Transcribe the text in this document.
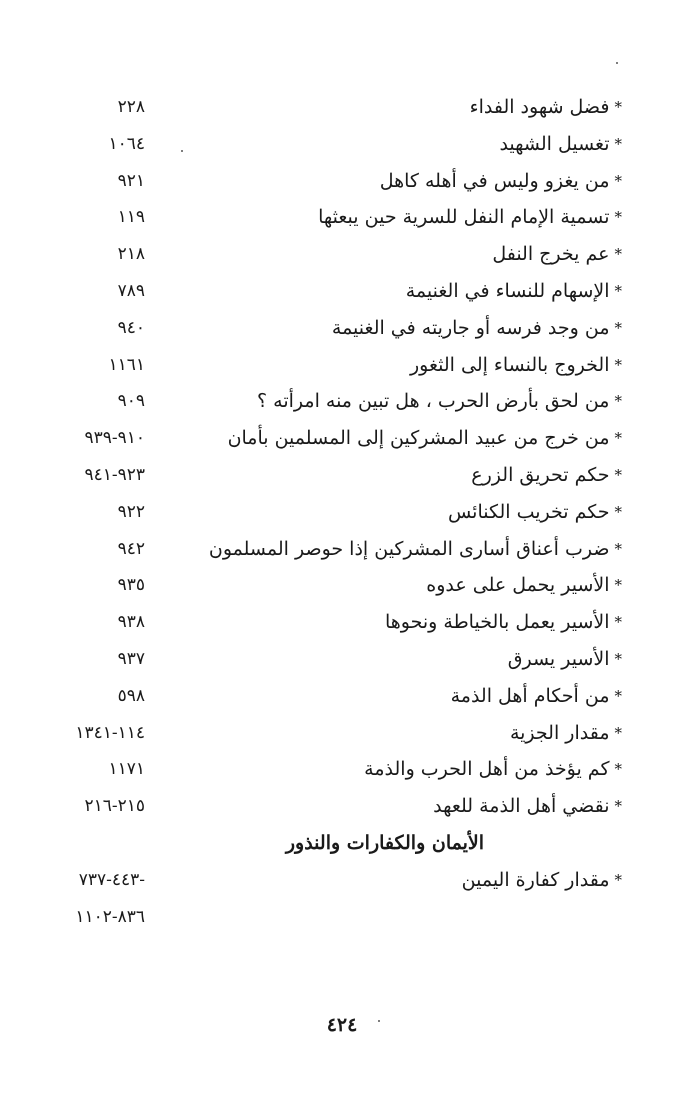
*فضل شهود الفداء
٢٢٨
*تغسيل الشهيد
١٠٦٤
*من يغزو وليس في أهله كاهل
٩٢١
*تسمية الإمام النفل للسرية حين يبعثها
١١٩
*عم يخرج النفل
٢١٨
*الإسهام للنساء في الغنيمة
٧٨٩
*من وجد فرسه أو جاريته في الغنيمة
٩٤٠
*الخروج بالنساء إلى الثغور
١١٦١
*من لحق بأرض الحرب ، هل تبين منه امرأته ؟
٩٠٩
*من خرج من عبيد المشركين إلى المسلمين بأمان
٩١٠-٩٣٩
*حكم تحريق الزرع
٩٢٣-٩٤١
*حكم تخريب الكنائس
٩٢٢
*ضرب أعناق أسارى المشركين إذا حوصر المسلمون
٩٤٢
*الأسير يحمل على عدوه
٩٣٥
*الأسير يعمل بالخياطة ونحوها
٩٣٨
*الأسير يسرق
٩٣٧
*من أحكام أهل الذمة
٥٩٨
*مقدار الجزية
١١٤-١٣٤١
*كم يؤخذ من أهل الحرب والذمة
١١٧١
*نقضي أهل الذمة للعهد
٢١٥-٢١٦
الأيمان والكفارات والنذور
*مقدار كفارة اليمين
٤٤٣-٧٣٧-
٨٣٦-١١٠٢
٤٢٤
